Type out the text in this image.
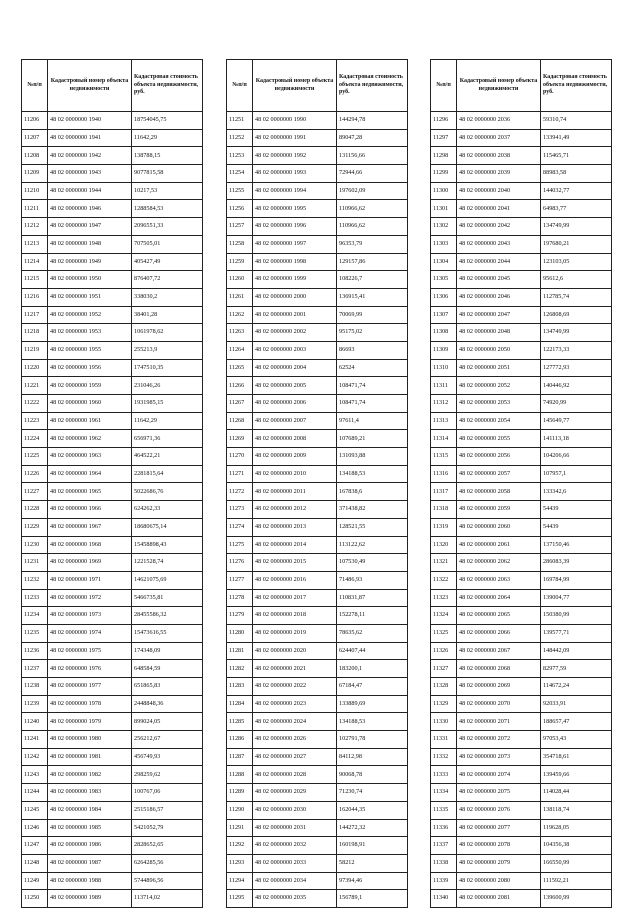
№п/п	Кадастровый номер объекта недвижимости	Кадастровая стоимость объекта недвижимости, руб.
11206	48 02 0000000 1940	18754045,75
11207	48 02 0000000 1941	11642,29
11208	48 02 0000000 1942	138788,15
11209	48 02 0000000 1943	9077815,58
11210	48 02 0000000 1944	10217,53
11211	48 02 0000000 1946	1288584,53
11212	48 02 0000000 1947	2096551,33
11213	48 02 0000000 1948	707505,01
11214	48 02 0000000 1949	405427,49
11215	48 02 0000000 1950	876407,72
11216	48 02 0000000 1951	338030,2
11217	48 02 0000000 1952	38401,28
11218	48 02 0000000 1953	1061978,62
11219	48 02 0000000 1955	255213,9
11220	48 02 0000000 1956	1747510,35
11221	48 02 0000000 1959	231046,26
11222	48 02 0000000 1960	1931985,15
11223	48 02 0000000 1961	11642,29
11224	48 02 0000000 1962	656971,36
11225	48 02 0000000 1963	464522,21
11226	48 02 0000000 1964	2281815,64
11227	48 02 0000000 1965	5022686,76
11228	48 02 0000000 1966	624262,33
11229	48 02 0000000 1967	18680675,14
11230	48 02 0000000 1968	15458898,43
11231	48 02 0000000 1969	1221528,74
11232	48 02 0000000 1971	14621075,69
11233	48 02 0000000 1972	5466735,81
11234	48 02 0000000 1973	28455586,32
11235	48 02 0000000 1974	15473616,55
11236	48 02 0000000 1975	174348,09
11237	48 02 0000000 1976	648584,59
11238	48 02 0000000 1977	651865,83
11239	48 02 0000000 1978	2448848,36
11240	48 02 0000000 1979	899024,05
11241	48 02 0000000 1980	256212,67
11242	48 02 0000000 1981	456749,93
11243	48 02 0000000 1982	298259,62
11244	48 02 0000000 1983	100767,06
11245	48 02 0000000 1984	2515186,57
11246	48 02 0000000 1985	5421052,79
11247	48 02 0000000 1986	2828652,65
11248	48 02 0000000 1987	6264285,56
11249	48 02 0000000 1988	5744896,56
11250	48 02 0000000 1989	113714,02
№п/п	Кадастровый номер объекта недвижимости	Кадастровая стоимость объекта недвижимости, руб.
11251	48 02 0000000 1990	144294,78
11252	48 02 0000000 1991	89047,28
11253	48 02 0000000 1992	131156,66
11254	48 02 0000000 1993	72944,66
11255	48 02 0000000 1994	197602,09
11256	48 02 0000000 1995	110966,62
11257	48 02 0000000 1996	110966,62
11258	48 02 0000000 1997	96353,79
11259	48 02 0000000 1998	129157,86
11260	48 02 0000000 1999	108226,7
11261	48 02 0000000 2000	136915,41
11262	48 02 0000000 2001	70069,99
11263	48 02 0000000 2002	95175,02
11264	48 02 0000000 2003	86693
11265	48 02 0000000 2004	62524
11266	48 02 0000000 2005	108471,74
11267	48 02 0000000 2006	108471,74
11268	48 02 0000000 2007	97611,4
11269	48 02 0000000 2008	107689,21
11270	48 02 0000000 2009	131093,88
11271	48 02 0000000 2010	134188,53
11272	48 02 0000000 2011	167838,6
11273	48 02 0000000 2012	371438,82
11274	48 02 0000000 2013	128521,55
11275	48 02 0000000 2014	113122,62
11276	48 02 0000000 2015	107530,49
11277	48 02 0000000 2016	71486,93
11278	48 02 0000000 2017	110831,87
11279	48 02 0000000 2018	152278,11
11280	48 02 0000000 2019	78635,62
11281	48 02 0000000 2020	624407,44
11282	48 02 0000000 2021	183200,1
11283	48 02 0000000 2022	67184,47
11284	48 02 0000000 2023	133889,69
11285	48 02 0000000 2024	134188,53
11286	48 02 0000000 2026	102791,78
11287	48 02 0000000 2027	84112,98
11288	48 02 0000000 2028	90068,78
11289	48 02 0000000 2029	71230,74
11290	48 02 0000000 2030	162044,35
11291	48 02 0000000 2031	144272,32
11292	48 02 0000000 2032	160198,91
11293	48 02 0000000 2033	58212
11294	48 02 0000000 2034	97394,46
11295	48 02 0000000 2035	156789,1
№п/п	Кадастровый номер объекта недвижимости	Кадастровая стоимость объекта недвижимости, руб.
11296	48 02 0000000 2036	59310,74
11297	48 02 0000000 2037	133941,49
11298	48 02 0000000 2038	115465,71
11299	48 02 0000000 2039	88983,58
11300	48 02 0000000 2040	144032,77
11301	48 02 0000000 2041	64983,77
11302	48 02 0000000 2042	134749,99
11303	48 02 0000000 2043	197680,21
11304	48 02 0000000 2044	123103,05
11305	48 02 0000000 2045	95612,6
11306	48 02 0000000 2046	112785,74
11307	48 02 0000000 2047	126808,69
11308	48 02 0000000 2048	134749,99
11309	48 02 0000000 2050	122173,33
11310	48 02 0000000 2051	127772,93
11311	48 02 0000000 2052	140446,92
11312	48 02 0000000 2053	74920,99
11313	48 02 0000000 2054	145649,77
11314	48 02 0000000 2055	141113,18
11315	48 02 0000000 2056	104206,66
11316	48 02 0000000 2057	107957,1
11317	48 02 0000000 2058	133342,6
11318	48 02 0000000 2059	54439
11319	48 02 0000000 2060	54439
11320	48 02 0000000 2061	137150,46
11321	48 02 0000000 2062	286083,39
11322	48 02 0000000 2063	169784,99
11323	48 02 0000000 2064	139004,77
11324	48 02 0000000 2065	150380,99
11325	48 02 0000000 2066	139577,71
11326	48 02 0000000 2067	148442,09
11327	48 02 0000000 2068	82977,59
11328	48 02 0000000 2069	114672,24
11329	48 02 0000000 2070	92033,91
11330	48 02 0000000 2071	188657,47
11331	48 02 0000000 2072	97053,43
11332	48 02 0000000 2073	354718,61
11333	48 02 0000000 2074	139459,66
11334	48 02 0000000 2075	114028,44
11335	48 02 0000000 2076	138118,74
11336	48 02 0000000 2077	119628,05
11337	48 02 0000000 2078	104356,38
11338	48 02 0000000 2079	166550,99
11339	48 02 0000000 2080	111592,21
11340	48 02 0000000 2081	139600,99
